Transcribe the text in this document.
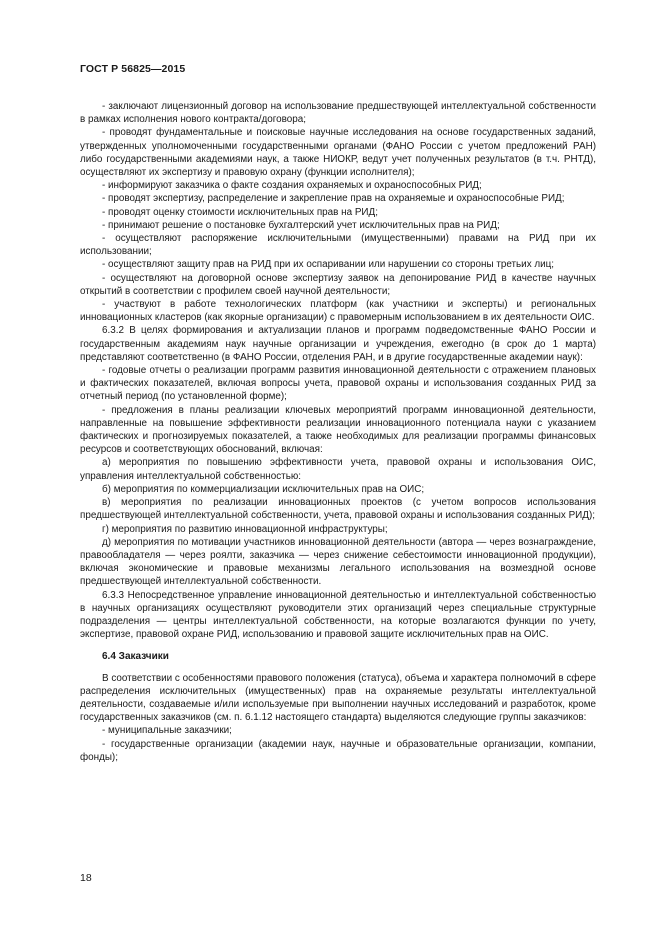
ГОСТ Р 56825—2015

- заключают лицензионный договор на использование предшествующей интеллектуальной собственности в рамках исполнения нового контракта/договора;

- проводят фундаментальные и поисковые научные исследования на основе государственных заданий, утвержденных уполномоченными государственными органами (ФАНО России с учетом предложений РАН) либо государственными академиями наук, а также НИОКР, ведут учет полученных результатов (в т.ч. РНТД), осуществляют их экспертизу и правовую охрану (функции исполнителя);

- информируют заказчика о факте создания охраняемых и охраноспособных РИД;

- проводят экспертизу, распределение и закрепление прав на охраняемые и охраноспособные РИД;

- проводят оценку стоимости исключительных прав на РИД;

- принимают решение о постановке бухгалтерский учет исключительных прав на РИД;

- осуществляют распоряжение исключительными (имущественными) правами на РИД при их использовании;

- осуществляют защиту прав на РИД при их оспаривании или нарушении со стороны третьих лиц;

- осуществляют на договорной основе экспертизу заявок на депонирование РИД в качестве научных открытий в соответствии с профилем своей научной деятельности;

- участвуют в работе технологических платформ (как участники и эксперты) и региональных инновационных кластеров (как якорные организации) с правомерным использованием в их деятельности ОИС.

6.3.2 В целях формирования и актуализации планов и программ подведомственные ФАНО России и государственным академиям наук научные организации и учреждения, ежегодно (в срок до 1 марта) представляют соответственно (в ФАНО России, отделения РАН, и в другие государственные академии наук):

- годовые отчеты о реализации программ развития инновационной деятельности с отражением плановых и фактических показателей, включая вопросы учета, правовой охраны и использования созданных РИД за отчетный период (по установленной форме);

- предложения в планы реализации ключевых мероприятий программ инновационной деятельности, направленные на повышение эффективности реализации инновационного потенциала науки с указанием фактических и прогнозируемых показателей, а также необходимых для реализации программы финансовых ресурсов и соответствующих обоснований, включая:

а) мероприятия по повышению эффективности учета, правовой охраны и использования ОИС, управления интеллектуальной собственностью:

б) мероприятия по коммерциализации исключительных прав на ОИС;

в) мероприятия по реализации инновационных проектов (с учетом вопросов использования предшествующей интеллектуальной собственности, учета, правовой охраны и использования созданных РИД);

г) мероприятия по развитию инновационной инфраструктуры;

д) мероприятия по мотивации участников инновационной деятельности (автора — через вознаграждение, правообладателя — через роялти, заказчика — через снижение себестоимости инновационной продукции), включая экономические и правовые механизмы легального использования на возмездной основе предшествующей интеллектуальной собственности.

6.3.3 Непосредственное управление инновационной деятельностью и интеллектуальной собственностью в научных организациях осуществляют руководители этих организаций через специальные структурные подразделения — центры интеллектуальной собственности, на которые возлагаются функции по учету, экспертизе, правовой охране РИД, использованию и правовой защите исключительных прав на ОИС.

6.4 Заказчики

В соответствии с особенностями правового положения (статуса), объема и характера полномочий в сфере распределения исключительных (имущественных) прав на охраняемые результаты интеллектуальной деятельности, создаваемые и/или используемые при выполнении научных исследований и разработок, кроме государственных заказчиков (см. п. 6.1.12 настоящего стандарта) выделяются следующие группы заказчиков:

- муниципальные заказчики;

- государственные организации (академии наук, научные и образовательные организации, компании, фонды);

18
